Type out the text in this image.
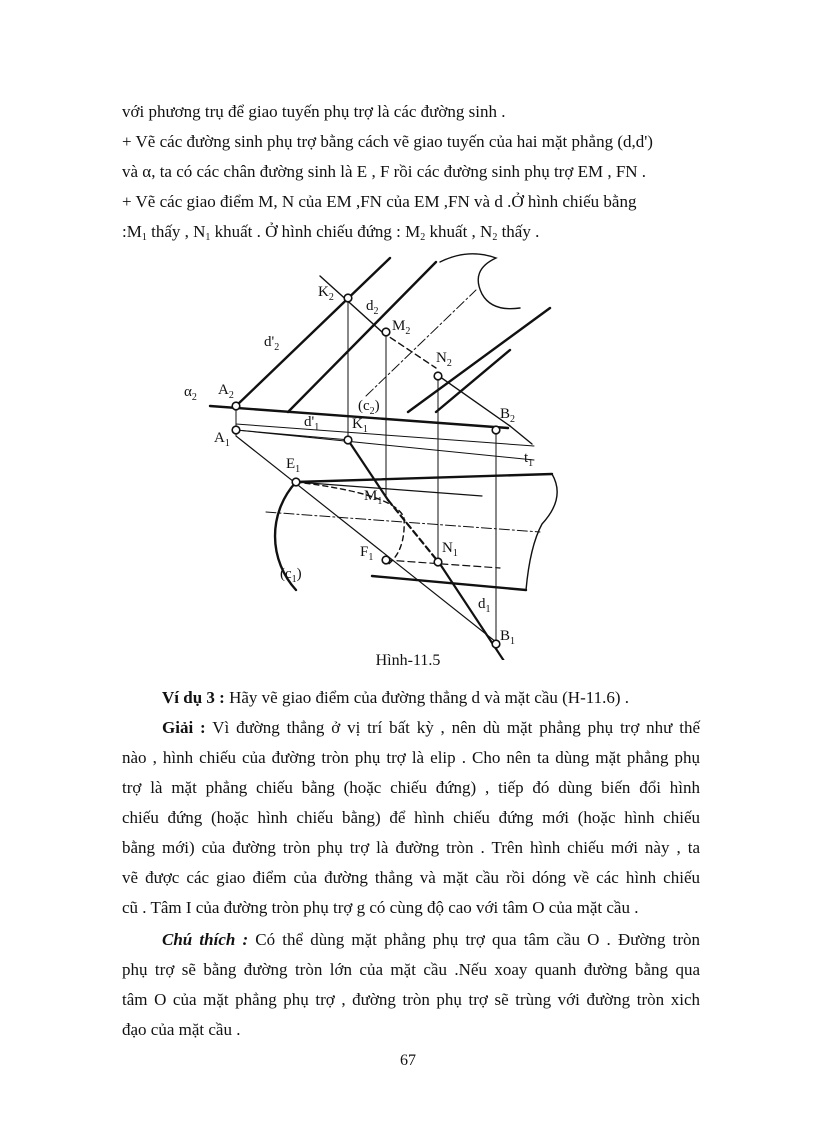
với phương trụ để giao tuyến phụ trợ là các đường sinh .
+ Vẽ các đường sinh phụ trợ bằng cách vẽ giao tuyến của hai mặt phẳng (d,d')
và α, ta có các chân đường sinh là E , F rồi các đường sinh phụ trợ EM , FN .
+ Vẽ các giao điểm M, N của EM ,FN của EM ,FN và d .Ở hình chiếu bằng
$:M_1$ thấy , $N_1$ khuất . Ở hình chiếu đứng : $M_2$ khuất , $N_2$ thấy .
$K_2$
$d_2$
$M_2$
$d'_2$
$N_2$
$\alpha_2$ $A_2$
$(c_2)$	$B_2$
$d'_1$ $K_1$
$A_1$
$t_1$
$E_1$
$M_1$
$F_1$
$N_1$
$(c_1)$
$d_1$
$B_1$
Hình-11.5
Ví dụ 3 : Hãy vẽ giao điểm của đường thẳng d và mặt cầu (H-11.6) .
Giải : Vì đường thẳng ở vị trí bất kỳ , nên dù mặt phẳng phụ trợ như thế
nào , hình chiếu của đường tròn phụ trợ là elip . Cho nên ta dùng mặt phẳng phụ
trợ là mặt phẳng chiếu bằng (hoặc chiếu đứng) , tiếp đó dùng biến đổi hình
chiếu đứng (hoặc hình chiếu bằng) để hình chiếu đứng mới (hoặc hình chiếu
bằng mới) của đường tròn phụ trợ là đường tròn . Trên hình chiếu mới này , ta
vẽ được các giao điểm của đường thẳng và mặt cầu rồi dóng về các hình chiếu
cũ . Tâm I của đường tròn phụ trợ g có cùng độ cao với tâm O của mặt cầu .
Chú thích : Có thể dùng mặt phẳng phụ trợ qua tâm cầu O . Đường tròn
phụ trợ sẽ bằng đường tròn lớn của mặt cầu .Nếu xoay quanh đường bằng qua
tâm O của mặt phẳng phụ trợ , đường tròn phụ trợ sẽ trùng với đường tròn xich
đạo của mặt cầu .
67
